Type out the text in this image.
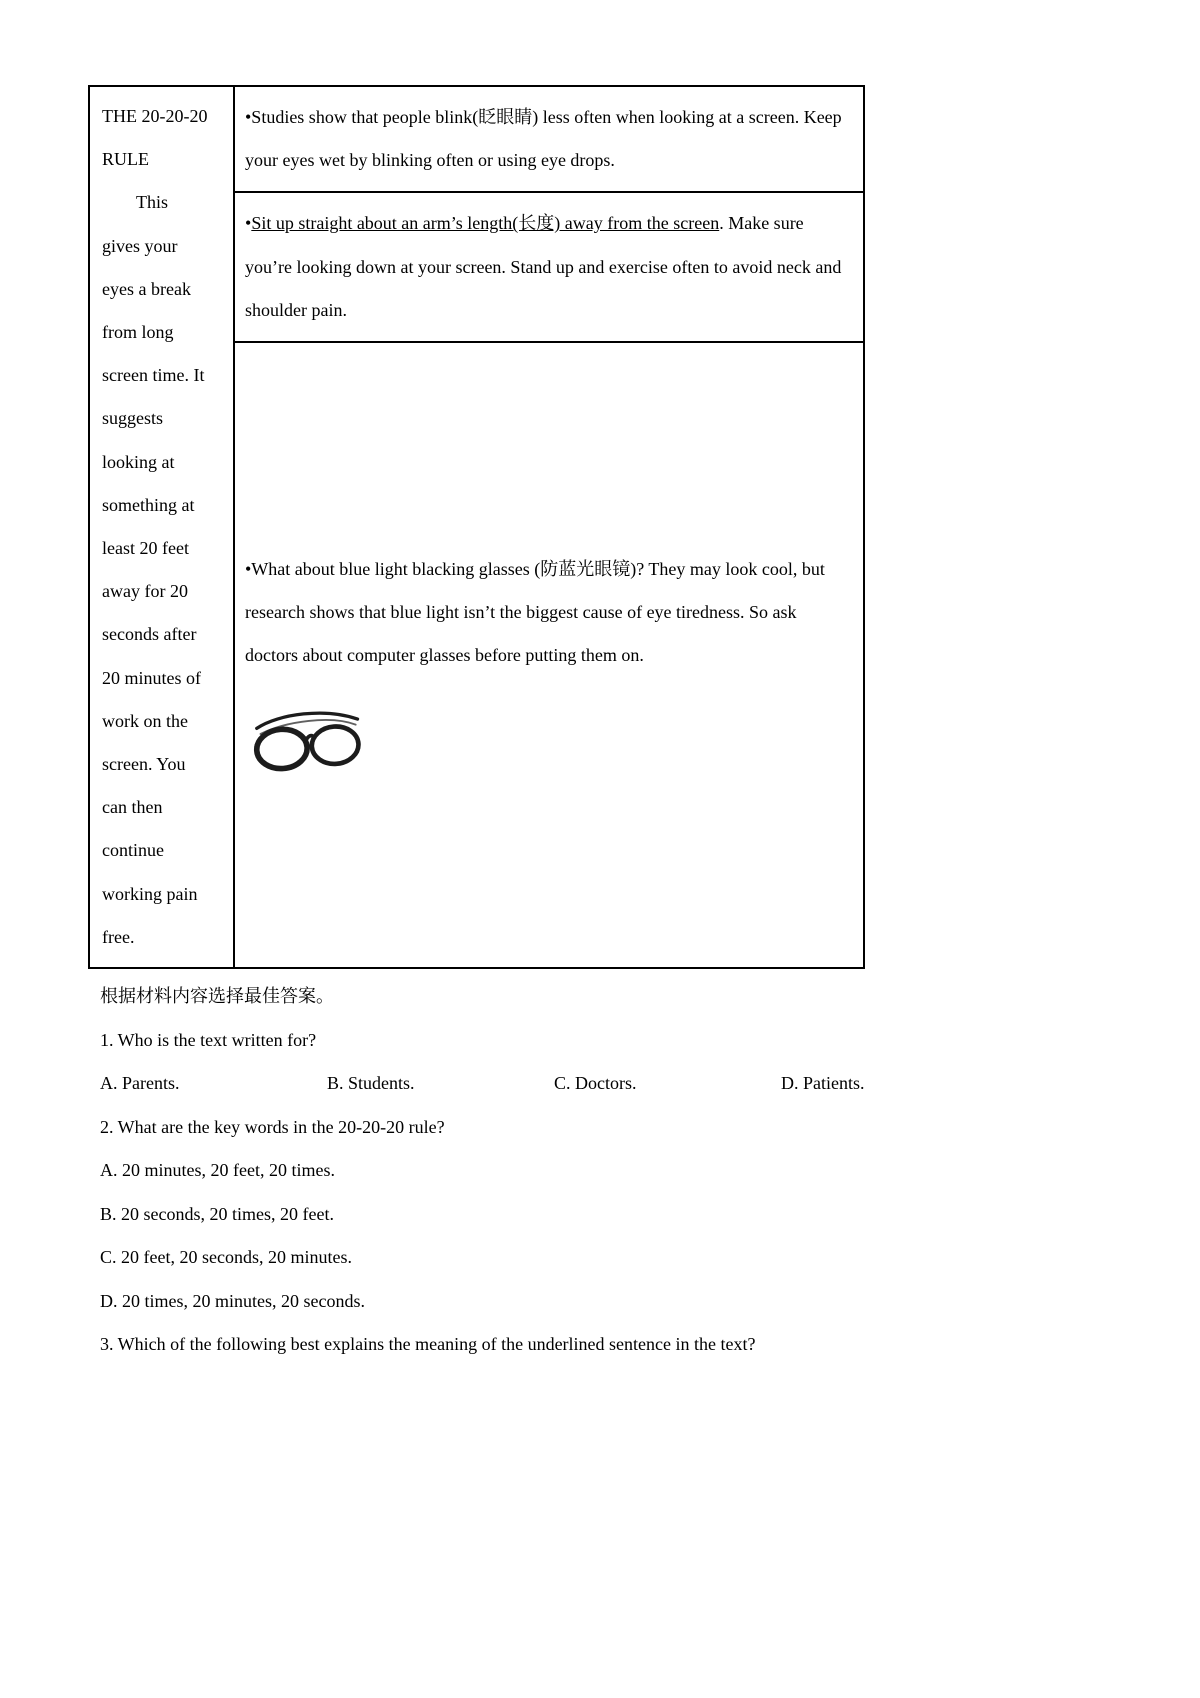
THE 20-20-20
RULE
This
gives your
eyes a break
from long
screen time. It
suggests
looking at
something at
least 20 feet
away for 20
seconds after
20 minutes of
work on the
screen. You
can then
continue
working pain
free.

•Studies show that people blink(眨眼睛) less often when looking at a screen. Keep your eyes wet by blinking often or using eye drops.

•Sit up straight about an arm’s length(长度) away from the screen. Make sure you’re looking down at your screen. Stand up and exercise often to avoid neck and shoulder pain.

•What about blue light blacking glasses (防蓝光眼镜)? They may look cool, but research shows that blue light isn’t the biggest cause of eye tiredness. So ask doctors about computer glasses before putting them on.

根据材料内容选择最佳答案。
1. Who is the text written for?
A. Parents.	B. Students.	C. Doctors.	D. Patients.
2. What are the key words in the 20-20-20 rule?
A. 20 minutes, 20 feet, 20 times.
B. 20 seconds, 20 times, 20 feet.
C. 20 feet, 20 seconds, 20 minutes.
D. 20 times, 20 minutes, 20 seconds.
3. Which of the following best explains the meaning of the underlined sentence in the text?
